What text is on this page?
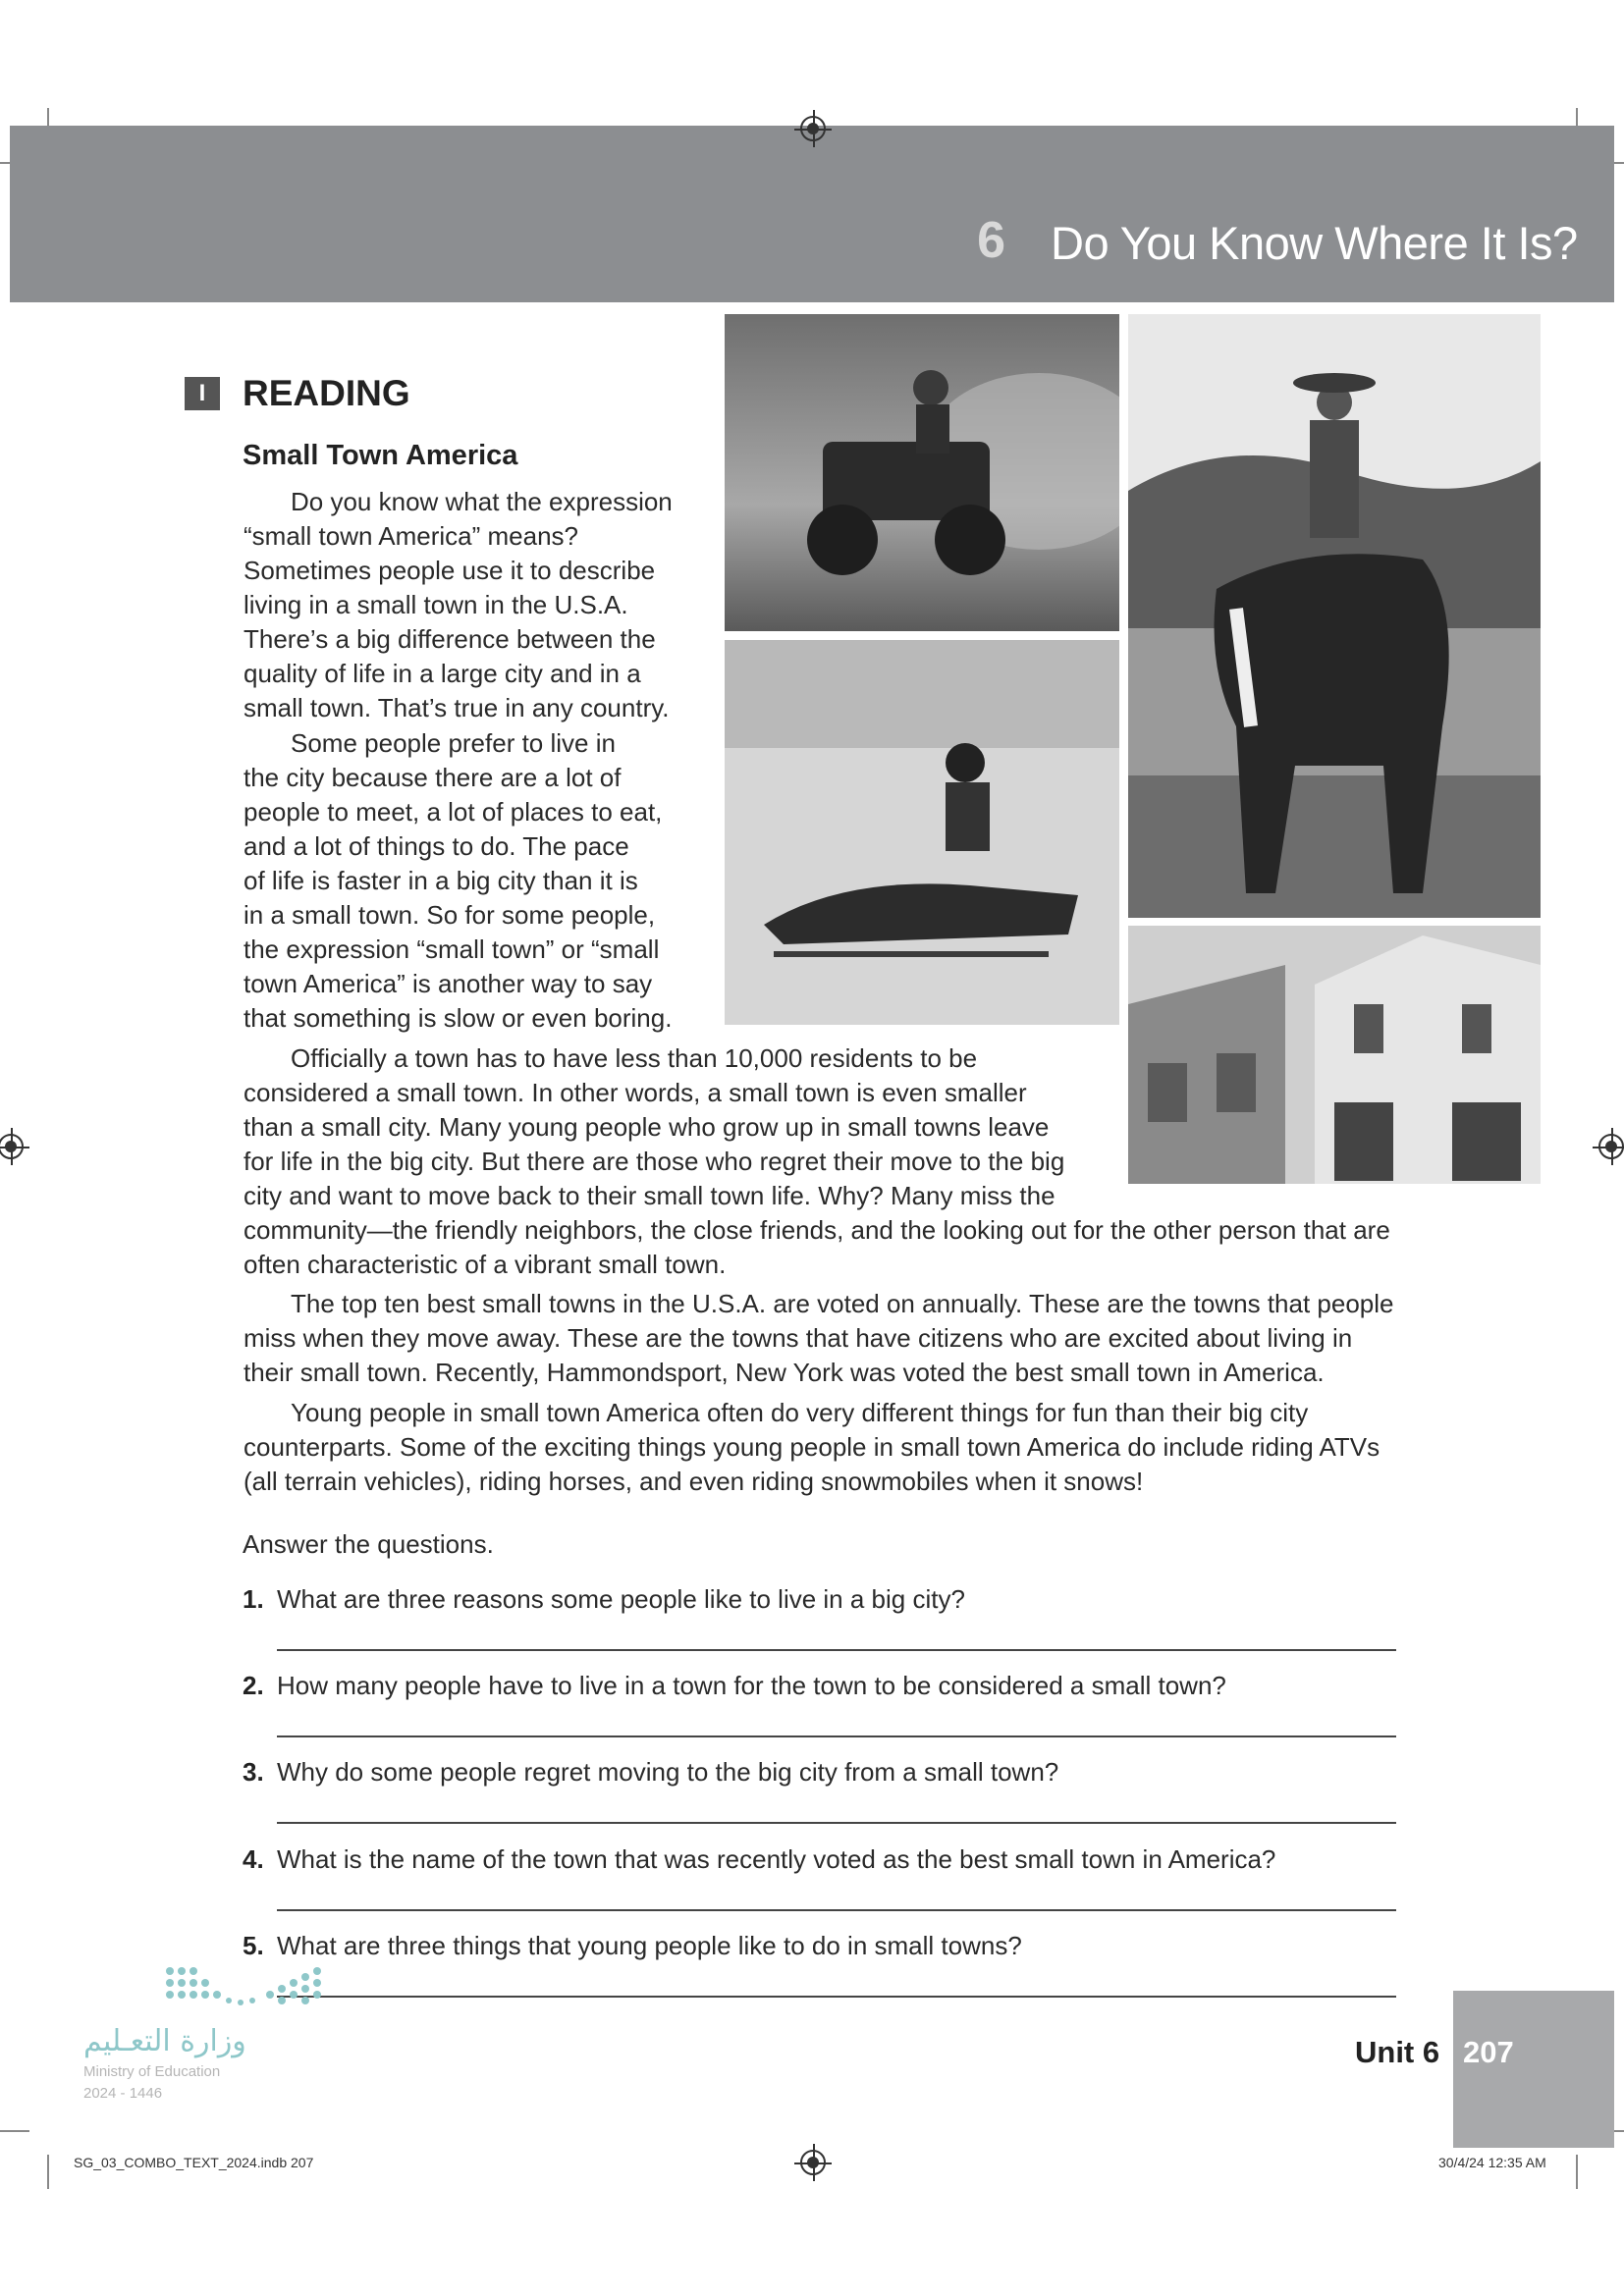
6 Do You Know Where It Is?
I	READING
Small Town America
Do you know what the expression
“small town America” means?
Sometimes people use it to describe
living in a small town in the U.S.A.
There’s a big difference between the
quality of life in a large city and in a
small town. That’s true in any country.
Some people prefer to live in
the city because there are a lot of
people to meet, a lot of places to eat,
and a lot of things to do. The pace
of life is faster in a big city than it is
in a small town. So for some people,
the expression “small town” or “small
town America” is another way to say
that something is slow or even boring.
Officially a town has to have less than 10,000 residents to be
considered a small town. In other words, a small town is even smaller
than a small city. Many young people who grow up in small towns leave
for life in the big city. But there are those who regret their move to the big
city and want to move back to their small town life. Why? Many miss the
community—the friendly neighbors, the close friends, and the looking out for the other person that are
often characteristic of a vibrant small town.
The top ten best small towns in the U.S.A. are voted on annually. These are the towns that people
miss when they move away. These are the towns that have citizens who are excited about living in
their small town. Recently, Hammondsport, New York was voted the best small town in America.
Young people in small town America often do very different things for fun than their big city
counterparts. Some of the exciting things young people in small town America do include riding ATVs
(all terrain vehicles), riding horses, and even riding snowmobiles when it snows!
Answer the questions.
1. What are three reasons some people like to live in a big city?
2. How many people have to live in a town for the town to be considered a small town?
3. Why do some people regret moving to the big city from a small town?
4. What is the name of the town that was recently voted as the best small town in America?
5. What are three things that young people like to do in small towns?
وزارة التعـليم
Ministry of Education
2024 - 1446
Unit 6 207
SG_03_COMBO_TEXT_2024.indb 207	30/4/24 12:35 AM
